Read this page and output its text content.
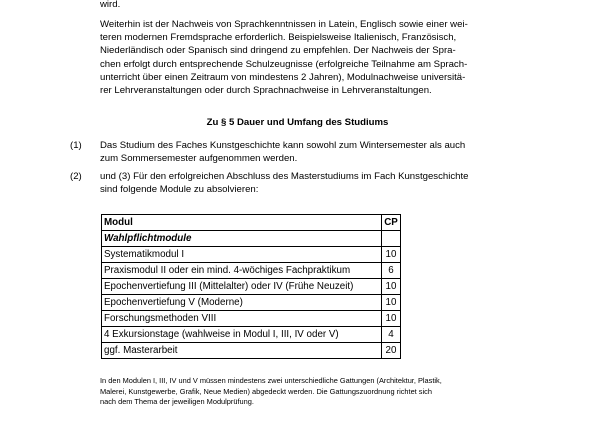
wird.
Weiterhin ist der Nachweis von Sprachkenntnissen in Latein, Englisch sowie einer wei-
teren modernen Fremdsprache erforderlich. Beispielsweise Italienisch, Französisch,
Niederländisch oder Spanisch sind dringend zu empfehlen. Der Nachweis der Spra-
chen erfolgt durch entsprechende Schulzeugnisse (erfolgreiche Teilnahme am Sprach-
unterricht über einen Zeitraum von mindestens 2 Jahren), Modulnachweise universitä-
rer Lehrveranstaltungen oder durch Sprachnachweise in Lehrveranstaltungen.
Zu § 5 Dauer und Umfang des Studiums
(1) Das Studium des Faches Kunstgeschichte kann sowohl zum Wintersemester als auch
zum Sommersemester aufgenommen werden.
(2) und (3) Für den erfolgreichen Abschluss des Masterstudiums im Fach Kunstgeschichte
sind folgende Module zu absolvieren:
Modul	CP
Wahlpflichtmodule	
Systematikmodul I	10
Praxismodul II oder ein mind. 4-wöchiges Fachpraktikum	6
Epochenvertiefung III (Mittelalter) oder IV (Frühe Neuzeit)	10
Epochenvertiefung V (Moderne)	10
Forschungsmethoden VIII	10
4 Exkursionstage (wahlweise in Modul I, III, IV oder V)	4
ggf. Masterarbeit	20
In den Modulen I, III, IV und V müssen mindestens zwei unterschiedliche Gattungen (Architektur, Plastik,
Malerei, Kunstgewerbe, Grafik, Neue Medien) abgedeckt werden. Die Gattungszuordnung richtet sich
nach dem Thema der jeweiligen Modulprüfung.
